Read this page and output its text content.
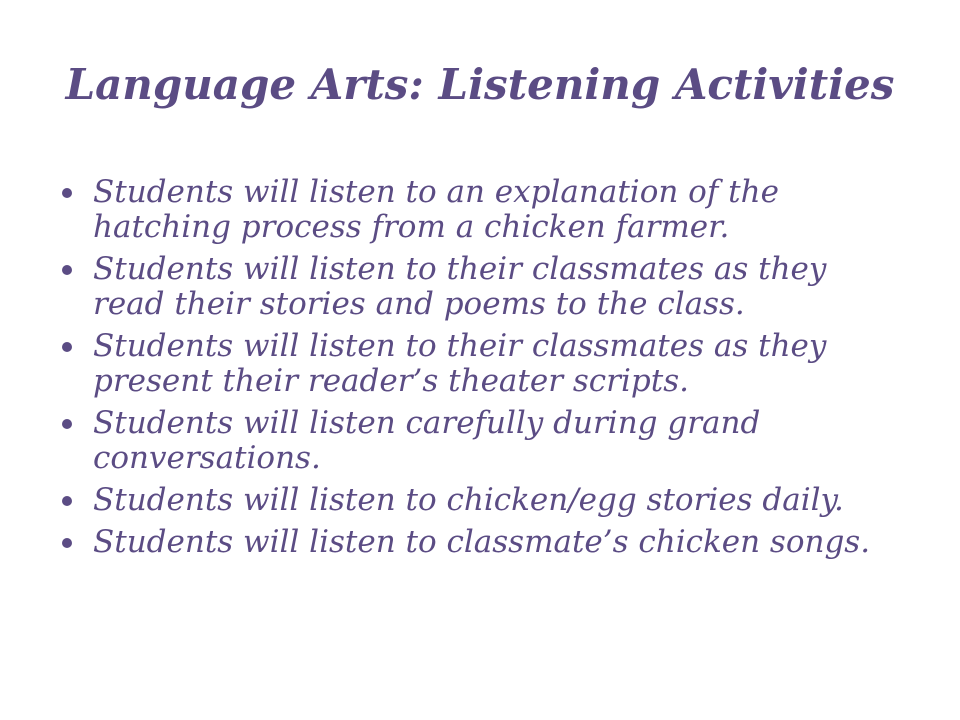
Language Arts: Listening Activities
Students will listen to an explanation of the hatching process from a chicken farmer.
Students will listen to their classmates as they read their stories and poems to the class.
Students will listen to their classmates as they present their reader’s theater scripts.
Students will listen carefully during grand conversations.
Students will listen to chicken/egg stories daily.
Students will listen to classmate’s chicken songs.
